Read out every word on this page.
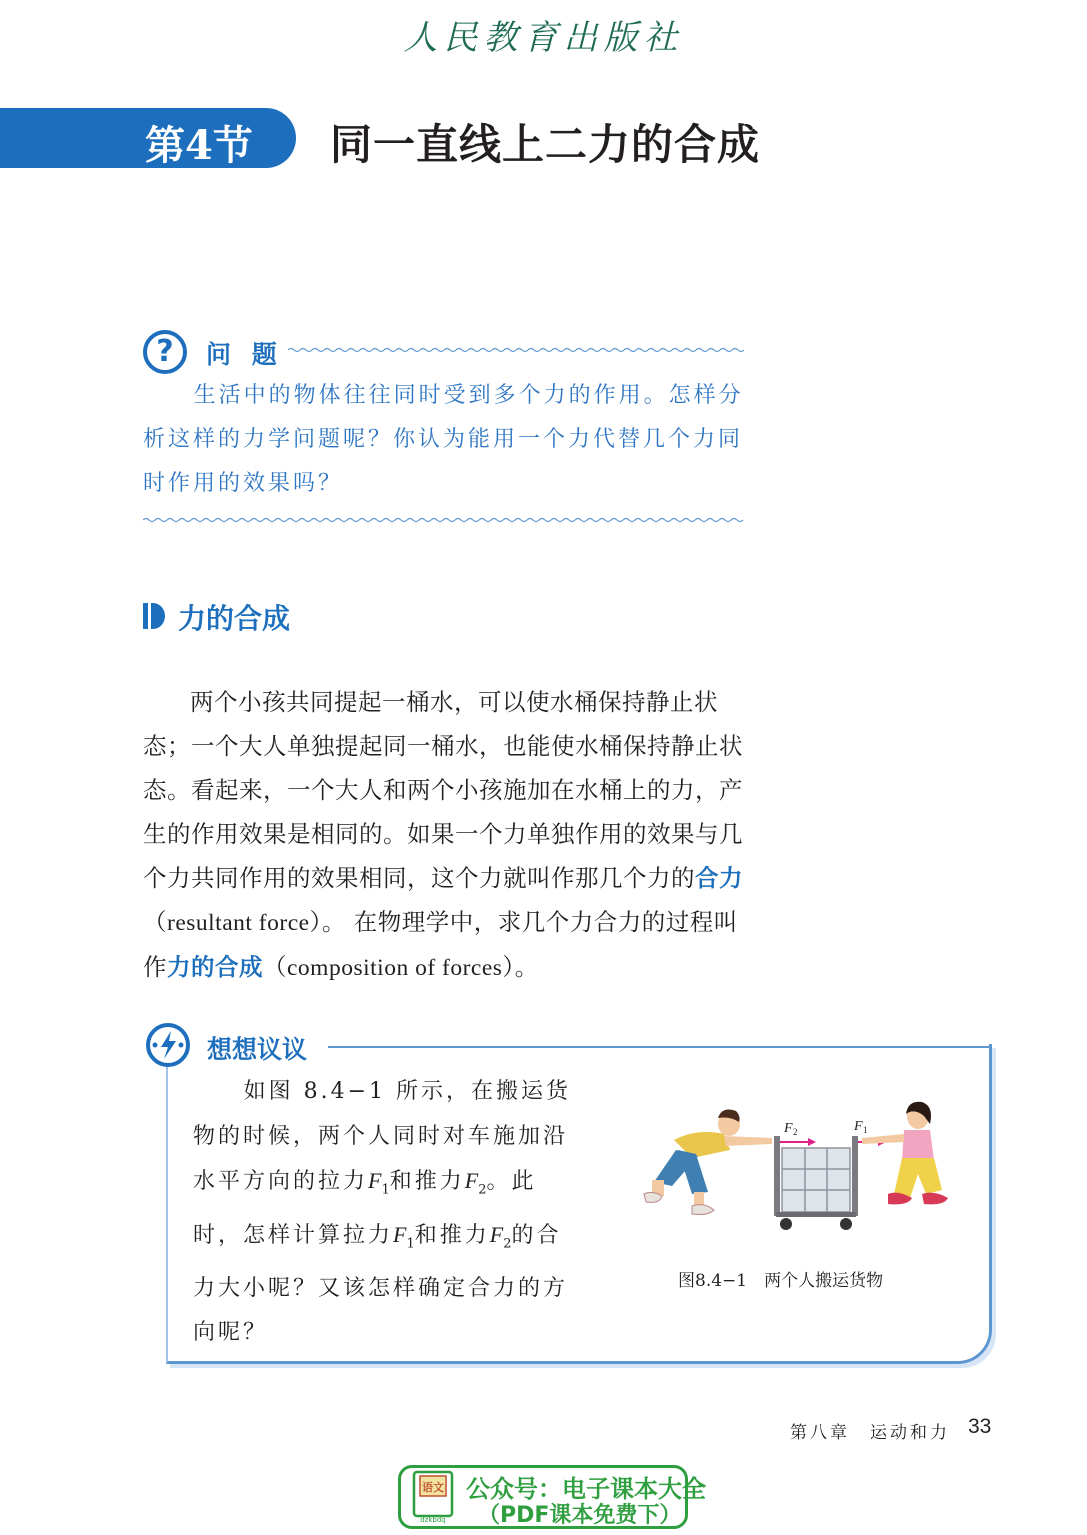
人民教育出版社
第4节 同一直线上二力的合成
?	问 题
生活中的物体往往同时受到多个力的作用。怎样分析这样的力学问题呢？你认为能用一个力代替几个力同时作用的效果吗？
力的合成
两个小孩共同提起一桶水，可以使水桶保持静止状态；一个大人单独提起同一桶水，也能使水桶保持静止状态。看起来，一个大人和两个小孩施加在水桶上的力，产生的作用效果是相同的。如果一个力单独作用的效果与几个力共同作用的效果相同，这个力就叫作那几个力的合力（resultant force）。 在物理学中，求几个力合力的过程叫作力的合成（composition of forces）。
想想议议
如图 8.4−1 所示，在搬运货物的时候，两个人同时对车施加沿水平方向的拉力$F_1$和推力$F_2$。此时，怎样计算拉力$F_1$和推力$F_2$的合力大小呢？又该怎样确定合力的方向呢？
F 2	F 1
图8.4−1　两个人搬运货物
第八章　运动和力 33
语文
dzkbdq
公众号：电子课本大全
（PDF课本免费下）
